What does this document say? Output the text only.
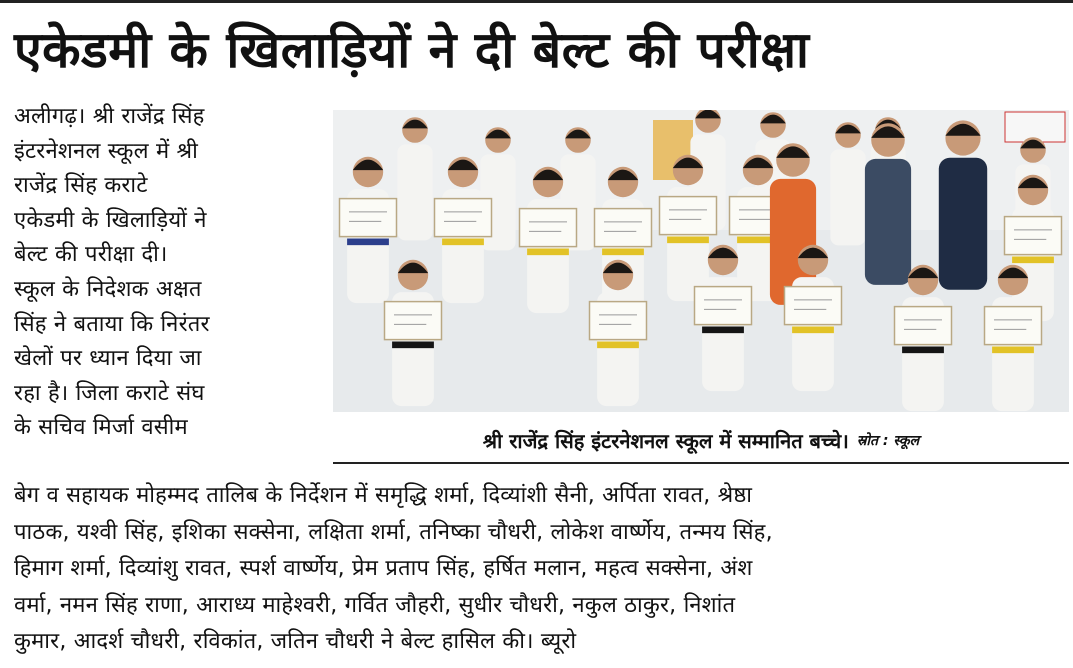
एकेडमी के खिलाड़ियों ने दी बेल्ट की परीक्षा
अलीगढ़। श्री राजेंद्र सिंह
इंटरनेशनल स्कूल में श्री
राजेंद्र सिंह कराटे
एकेडमी के खिलाड़ियों ने
बेल्ट की परीक्षा दी।
स्कूल के निदेशक अक्षत
सिंह ने बताया कि निरंतर
खेलों पर ध्यान दिया जा
रहा है। जिला कराटे संघ
के सचिव मिर्जा वसीम
श्री राजेंद्र सिंह इंटरनेशनल स्कूल में सम्मानित बच्चे। स्रोत : स्कूल
बेग व सहायक मोहम्मद तालिब के निर्देशन में समृद्धि शर्मा, दिव्यांशी सैनी, अर्पिता रावत, श्रेष्ठा
पाठक, यश्वी सिंह, इशिका सक्सेना, लक्षिता शर्मा, तनिष्का चौधरी, लोकेश वार्ष्णेय, तन्मय सिंह,
हिमाग शर्मा, दिव्यांशु रावत, स्पर्श वार्ष्णेय, प्रेम प्रताप सिंह, हर्षित मलान, महत्व सक्सेना, अंश
वर्मा, नमन सिंह राणा, आराध्य माहेश्वरी, गर्वित जौहरी, सुधीर चौधरी, नकुल ठाकुर, निशांत
कुमार, आदर्श चौधरी, रविकांत, जतिन चौधरी ने बेल्ट हासिल की। ब्यूरो
